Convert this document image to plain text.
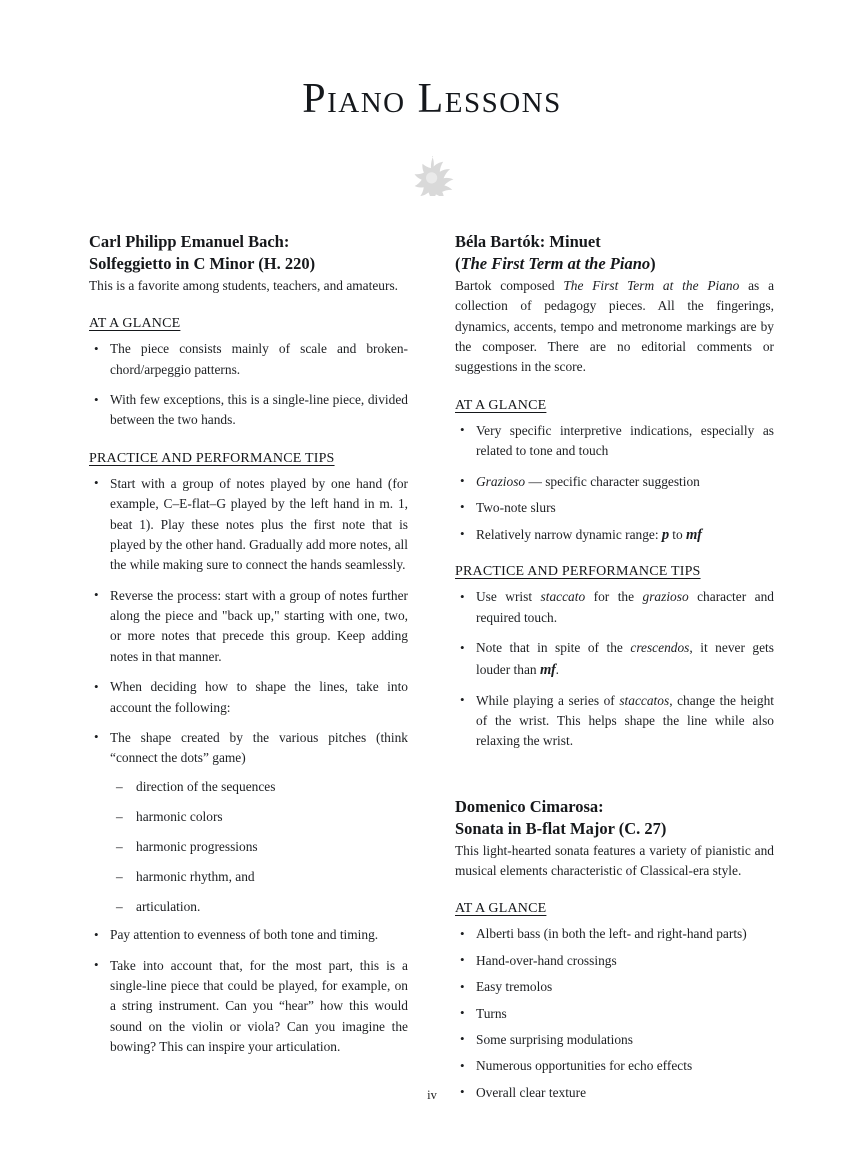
Piano Lessons
Carl Philipp Emanuel Bach:
Solfeggietto in C Minor (H. 220)

This is a favorite among students, teachers, and amateurs.

AT A GLANCE
• The piece consists mainly of scale and broken-chord/arpeggio patterns.
• With few exceptions, this is a single-line piece, divided between the two hands.
PRACTICE AND PERFORMANCE TIPS
• Start with a group of notes played by one hand (for example, C–E-flat–G played by the left hand in m. 1, beat 1). Play these notes plus the first note that is played by the other hand. Gradually add more notes, all the while making sure to connect the hands seamlessly.
• Reverse the process: start with a group of notes further along the piece and "back up," starting with one, two, or more notes that precede this group. Keep adding notes in that manner.
• When deciding how to shape the lines, take into account the following:
• The shape created by the various pitches (think “connect the dots” game)
– direction of the sequences
– harmonic colors
– harmonic progressions
– harmonic rhythm, and
– articulation.
• Pay attention to evenness of both tone and timing.
• Take into account that, for the most part, this is a single-line piece that could be played, for example, on a string instrument. Can you “hear” how this would sound on the violin or viola? Can you imagine the bowing? This can inspire your articulation.
Béla Bartók: Minuet
(The First Term at the Piano)

Bartok composed The First Term at the Piano as a collection of pedagogy pieces. All the fingerings, dynamics, accents, tempo and metronome markings are by the composer. There are no editorial comments or suggestions in the score.

AT A GLANCE
• Very specific interpretive indications, especially as related to tone and touch
• Grazioso — specific character suggestion
• Two-note slurs
• Relatively narrow dynamic range: p to mf
PRACTICE AND PERFORMANCE TIPS
• Use wrist staccato for the grazioso character and required touch.
• Note that in spite of the crescendos, it never gets louder than mf.
• While playing a series of staccatos, change the height of the wrist. This helps shape the line while also relaxing the wrist.
Domenico Cimarosa:
Sonata in B-flat Major (C. 27)

This light-hearted sonata features a variety of pianistic and musical elements characteristic of Classical-era style.

AT A GLANCE
• Alberti bass (in both the left- and right-hand parts)
• Hand-over-hand crossings
• Easy tremolos
• Turns
• Some surprising modulations
• Numerous opportunities for echo effects
• Overall clear texture
iv
